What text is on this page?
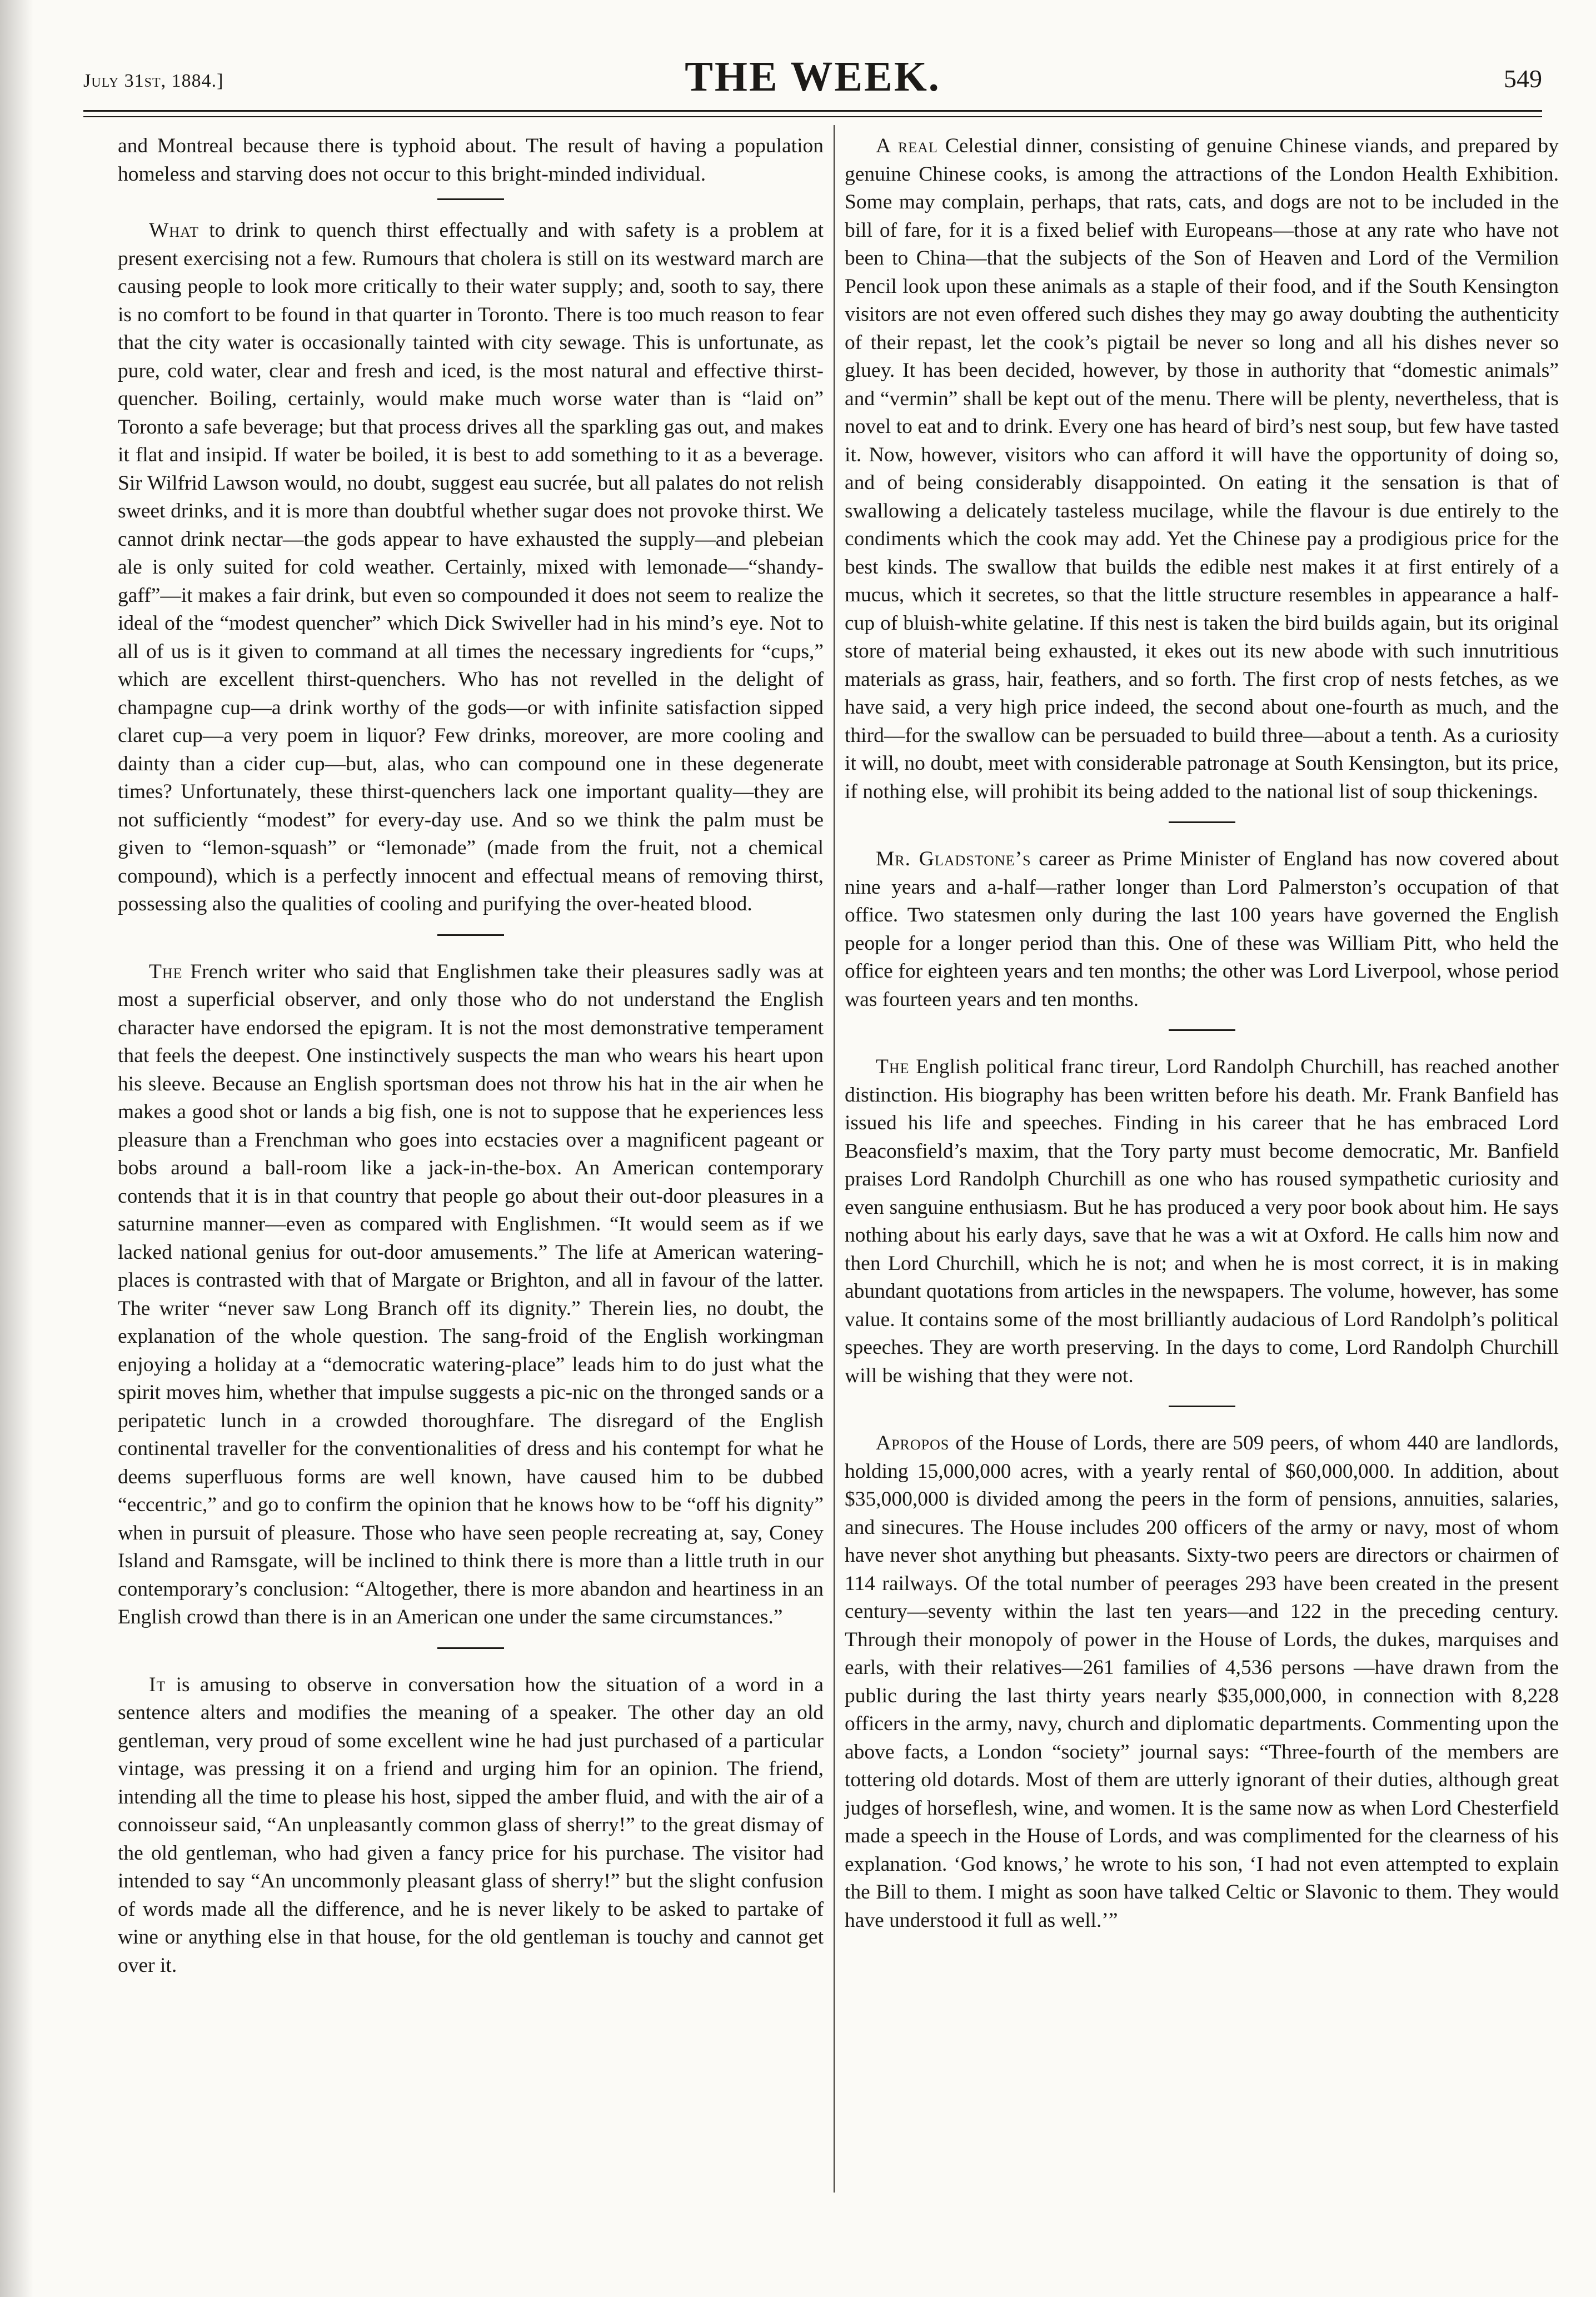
July 31st, 1884.]	THE WEEK.	549

and Montreal because there is typhoid about. The result of having a population homeless and starving does not occur to this bright-minded individual.

What to drink to quench thirst effectually and with safety is a problem at present exercising not a few. Rumours that cholera is still on its westward march are causing people to look more critically to their water supply; and, sooth to say, there is no comfort to be found in that quarter in Toronto. There is too much reason to fear that the city water is occasionally tainted with city sewage. This is unfortunate, as pure, cold water, clear and fresh and iced, is the most natural and effective thirst-quencher. Boiling, certainly, would make much worse water than is “laid on” Toronto a safe beverage; but that process drives all the sparkling gas out, and makes it flat and insipid. If water be boiled, it is best to add something to it as a beverage. Sir Wilfrid Lawson would, no doubt, suggest eau sucrée, but all palates do not relish sweet drinks, and it is more than doubtful whether sugar does not provoke thirst. We cannot drink nectar—the gods appear to have exhausted the supply—and plebeian ale is only suited for cold weather. Certainly, mixed with lemonade—“shandy-gaff”—it makes a fair drink, but even so compounded it does not seem to realize the ideal of the “modest quencher” which Dick Swiveller had in his mind’s eye. Not to all of us is it given to command at all times the necessary ingredients for “cups,” which are excellent thirst-quenchers. Who has not revelled in the delight of champagne cup—a drink worthy of the gods—or with infinite satisfaction sipped claret cup—a very poem in liquor? Few drinks, moreover, are more cooling and dainty than a cider cup—but, alas, who can compound one in these degenerate times? Unfortunately, these thirst-quenchers lack one important quality—they are not sufficiently “modest” for every-day use. And so we think the palm must be given to “lemon-squash” or “lemonade” (made from the fruit, not a chemical compound), which is a perfectly innocent and effectual means of removing thirst, possessing also the qualities of cooling and purifying the over-heated blood.

The French writer who said that Englishmen take their pleasures sadly was at most a superficial observer, and only those who do not understand the English character have endorsed the epigram. It is not the most demonstrative temperament that feels the deepest. One instinctively suspects the man who wears his heart upon his sleeve. Because an English sportsman does not throw his hat in the air when he makes a good shot or lands a big fish, one is not to suppose that he experiences less pleasure than a Frenchman who goes into ecstacies over a magnificent pageant or bobs around a ball-room like a jack-in-the-box. An American contemporary contends that it is in that country that people go about their out-door pleasures in a saturnine manner—even as compared with Englishmen. “It would seem as if we lacked national genius for out-door amusements.” The life at American watering-places is contrasted with that of Margate or Brighton, and all in favour of the latter. The writer “never saw Long Branch off its dignity.” Therein lies, no doubt, the explanation of the whole question. The sang-froid of the English workingman enjoying a holiday at a “democratic watering-place” leads him to do just what the spirit moves him, whether that impulse suggests a pic-nic on the thronged sands or a peripatetic lunch in a crowded thoroughfare. The disregard of the English continental traveller for the conventionalities of dress and his contempt for what he deems superfluous forms are well known, have caused him to be dubbed “eccentric,” and go to confirm the opinion that he knows how to be “off his dignity” when in pursuit of pleasure. Those who have seen people recreating at, say, Coney Island and Ramsgate, will be inclined to think there is more than a little truth in our contemporary’s conclusion: “Altogether, there is more abandon and heartiness in an English crowd than there is in an American one under the same circumstances.”

It is amusing to observe in conversation how the situation of a word in a sentence alters and modifies the meaning of a speaker. The other day an old gentleman, very proud of some excellent wine he had just purchased of a particular vintage, was pressing it on a friend and urging him for an opinion. The friend, intending all the time to please his host, sipped the amber fluid, and with the air of a connoisseur said, “An unpleasantly common glass of sherry!” to the great dismay of the old gentleman, who had given a fancy price for his purchase. The visitor had intended to say “An uncommonly pleasant glass of sherry!” but the slight confusion of words made all the difference, and he is never likely to be asked to partake of wine or anything else in that house, for the old gentleman is touchy and cannot get over it.

A real Celestial dinner, consisting of genuine Chinese viands, and prepared by genuine Chinese cooks, is among the attractions of the London Health Exhibition. Some may complain, perhaps, that rats, cats, and dogs are not to be included in the bill of fare, for it is a fixed belief with Europeans—those at any rate who have not been to China—that the subjects of the Son of Heaven and Lord of the Vermilion Pencil look upon these animals as a staple of their food, and if the South Kensington visitors are not even offered such dishes they may go away doubting the authenticity of their repast, let the cook’s pigtail be never so long and all his dishes never so gluey. It has been decided, however, by those in authority that “domestic animals” and “vermin” shall be kept out of the menu. There will be plenty, nevertheless, that is novel to eat and to drink. Every one has heard of bird’s nest soup, but few have tasted it. Now, however, visitors who can afford it will have the opportunity of doing so, and of being considerably disappointed. On eating it the sensation is that of swallowing a delicately tasteless mucilage, while the flavour is due entirely to the condiments which the cook may add. Yet the Chinese pay a prodigious price for the best kinds. The swallow that builds the edible nest makes it at first entirely of a mucus, which it secretes, so that the little structure resembles in appearance a half-cup of bluish-white gelatine. If this nest is taken the bird builds again, but its original store of material being exhausted, it ekes out its new abode with such innutritious materials as grass, hair, feathers, and so forth. The first crop of nests fetches, as we have said, a very high price indeed, the second about one-fourth as much, and the third—for the swallow can be persuaded to build three—about a tenth. As a curiosity it will, no doubt, meet with considerable patronage at South Kensington, but its price, if nothing else, will prohibit its being added to the national list of soup thickenings.

Mr. Gladstone’s career as Prime Minister of England has now covered about nine years and a-half—rather longer than Lord Palmerston’s occupation of that office. Two statesmen only during the last 100 years have governed the English people for a longer period than this. One of these was William Pitt, who held the office for eighteen years and ten months; the other was Lord Liverpool, whose period was fourteen years and ten months.

The English political franc tireur, Lord Randolph Churchill, has reached another distinction. His biography has been written before his death. Mr. Frank Banfield has issued his life and speeches. Finding in his career that he has embraced Lord Beaconsfield’s maxim, that the Tory party must become democratic, Mr. Banfield praises Lord Randolph Churchill as one who has roused sympathetic curiosity and even sanguine enthusiasm. But he has produced a very poor book about him. He says nothing about his early days, save that he was a wit at Oxford. He calls him now and then Lord Churchill, which he is not; and when he is most correct, it is in making abundant quotations from articles in the newspapers. The volume, however, has some value. It contains some of the most brilliantly audacious of Lord Randolph’s political speeches. They are worth preserving. In the days to come, Lord Randolph Churchill will be wishing that they were not.

Apropos of the House of Lords, there are 509 peers, of whom 440 are landlords, holding 15,000,000 acres, with a yearly rental of $60,000,000. In addition, about $35,000,000 is divided among the peers in the form of pensions, annuities, salaries, and sinecures. The House includes 200 officers of the army or navy, most of whom have never shot anything but pheasants. Sixty-two peers are directors or chairmen of 114 railways. Of the total number of peerages 293 have been created in the present century—seventy within the last ten years—and 122 in the preceding century. Through their monopoly of power in the House of Lords, the dukes, marquises and earls, with their relatives—261 families of 4,536 persons —have drawn from the public during the last thirty years nearly $35,000,000, in connection with 8,228 officers in the army, navy, church and diplomatic departments. Commenting upon the above facts, a London “society” journal says: “Three-fourth of the members are tottering old dotards. Most of them are utterly ignorant of their duties, although great judges of horseflesh, wine, and women. It is the same now as when Lord Chesterfield made a speech in the House of Lords, and was complimented for the clearness of his explanation. ‘God knows,’ he wrote to his son, ‘I had not even attempted to explain the Bill to them. I might as soon have talked Celtic or Slavonic to them. They would have understood it full as well.’”
